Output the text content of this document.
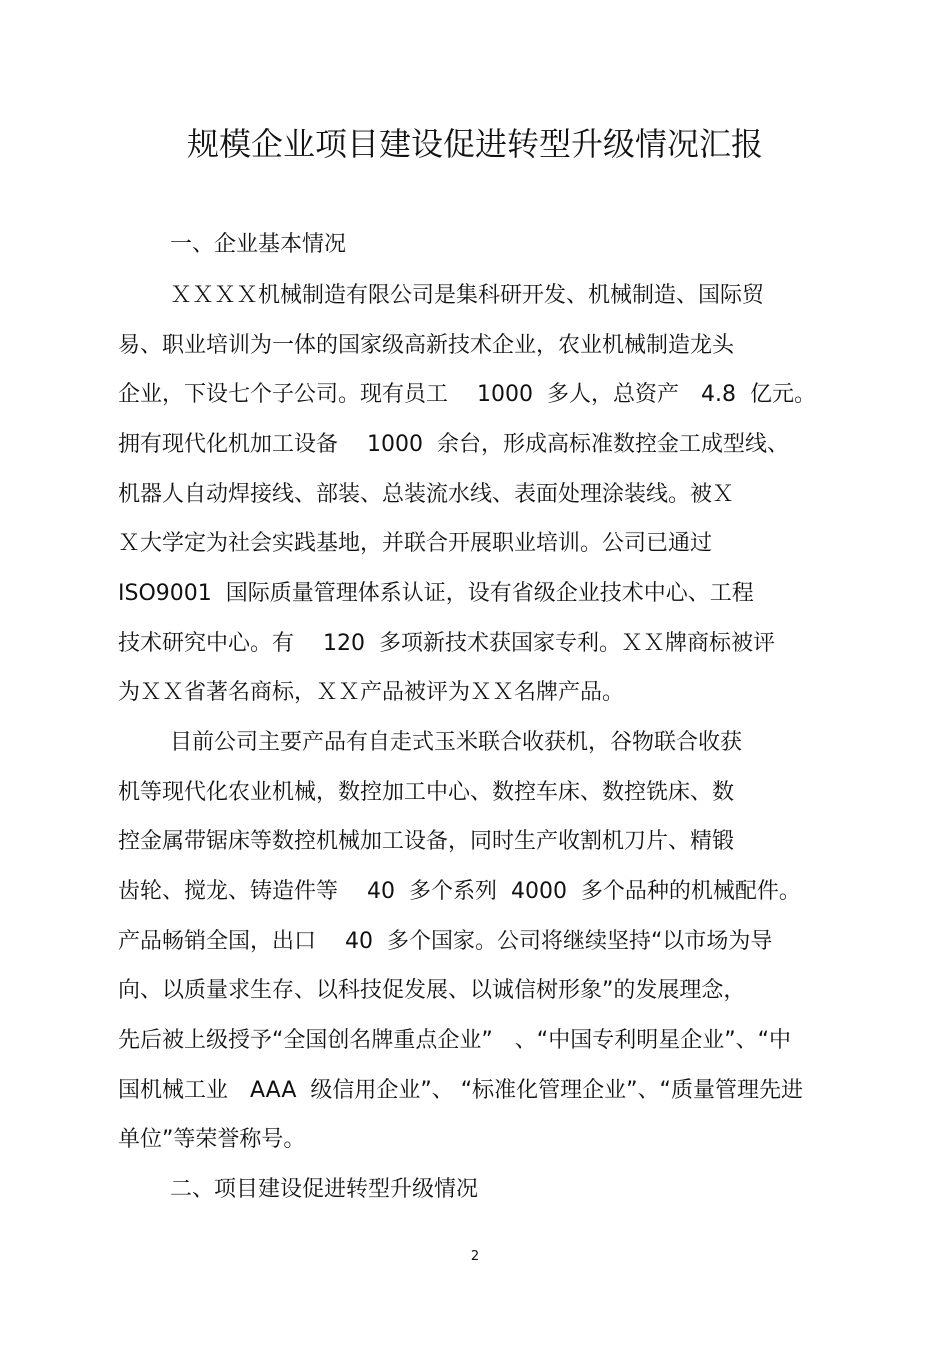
规模企业项目建设促进转型升级情况汇报
一、企业基本情况
ＸＸＸＸ机械制造有限公司是集科研开发、机械制造、国际贸
易、职业培训为一体的国家级高新技术企业，农业机械制造龙头
企业，下设七个子公司。现有员工　 1000  多人，总资产　4.8  亿元。
拥有现代化机加工设备　 1000  余台，形成高标准数控金工成型线、
机器人自动焊接线、部装、总装流水线、表面处理涂装线。被Ｘ
Ｘ大学定为社会实践基地，并联合开展职业培训。公司已通过
ISO9001  国际质量管理体系认证，设有省级企业技术中心、工程
技术研究中心。有　 120  多项新技术获国家专利。ＸＸ牌商标被评
为ＸＸ省著名商标，ＸＸ产品被评为ＸＸ名牌产品。
目前公司主要产品有自走式玉米联合收获机，谷物联合收获
机等现代化农业机械，数控加工中心、数控车床、数控铣床、数
控金属带锯床等数控机械加工设备，同时生产收割机刀片、精锻
齿轮、搅龙、铸造件等　 40  多个系列  4000  多个品种的机械配件。
产品畅销全国，出口　 40  多个国家。公司将继续坚持“以市场为导
向、以质量求生存、以科技促发展、以诚信树形象”的发展理念，
先后被上级授予“全国创名牌重点企业”　、“中国专利明星企业”、“中
国机械工业　AAA  级信用企业”、 “标准化管理企业”、“质量管理先进
单位”等荣誉称号。
二、项目建设促进转型升级情况
2
